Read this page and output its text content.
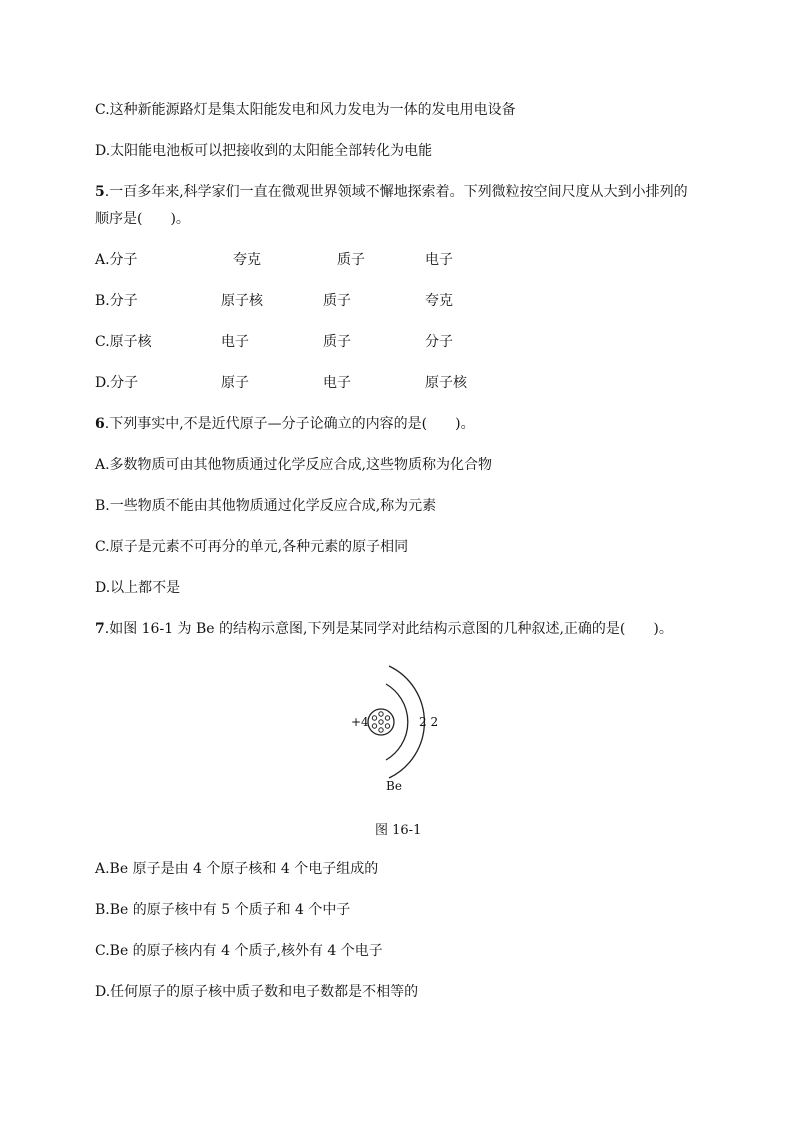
C.这种新能源路灯是集太阳能发电和风力发电为一体的发电用电设备
D.太阳能电池板可以把接收到的太阳能全部转化为电能
5.一百多年来,科学家们一直在微观世界领域不懈地探索着。下列微粒按空间尺度从大到小排列的
顺序是(　　)。
A.分子	夸克	质子	电子
B.分子	原子核	质子	夸克
C.原子核	电子	质子	分子
D.分子	原子	电子	原子核
6.下列事实中,不是近代原子—分子论确立的内容的是(　　)。
A.多数物质可由其他物质通过化学反应合成,这些物质称为化合物
B.一些物质不能由其他物质通过化学反应合成,称为元素
C.原子是元素不可再分的单元,各种元素的原子相同
D.以上都不是
7.如图 16-1 为 Be 的结构示意图,下列是某同学对此结构示意图的几种叙述,正确的是(　　)。
+4	2 2
Be
图 16-1
A.Be 原子是由 4 个原子核和 4 个电子组成的
B.Be 的原子核中有 5 个质子和 4 个中子
C.Be 的原子核内有 4 个质子,核外有 4 个电子
D.任何原子的原子核中质子数和电子数都是不相等的
